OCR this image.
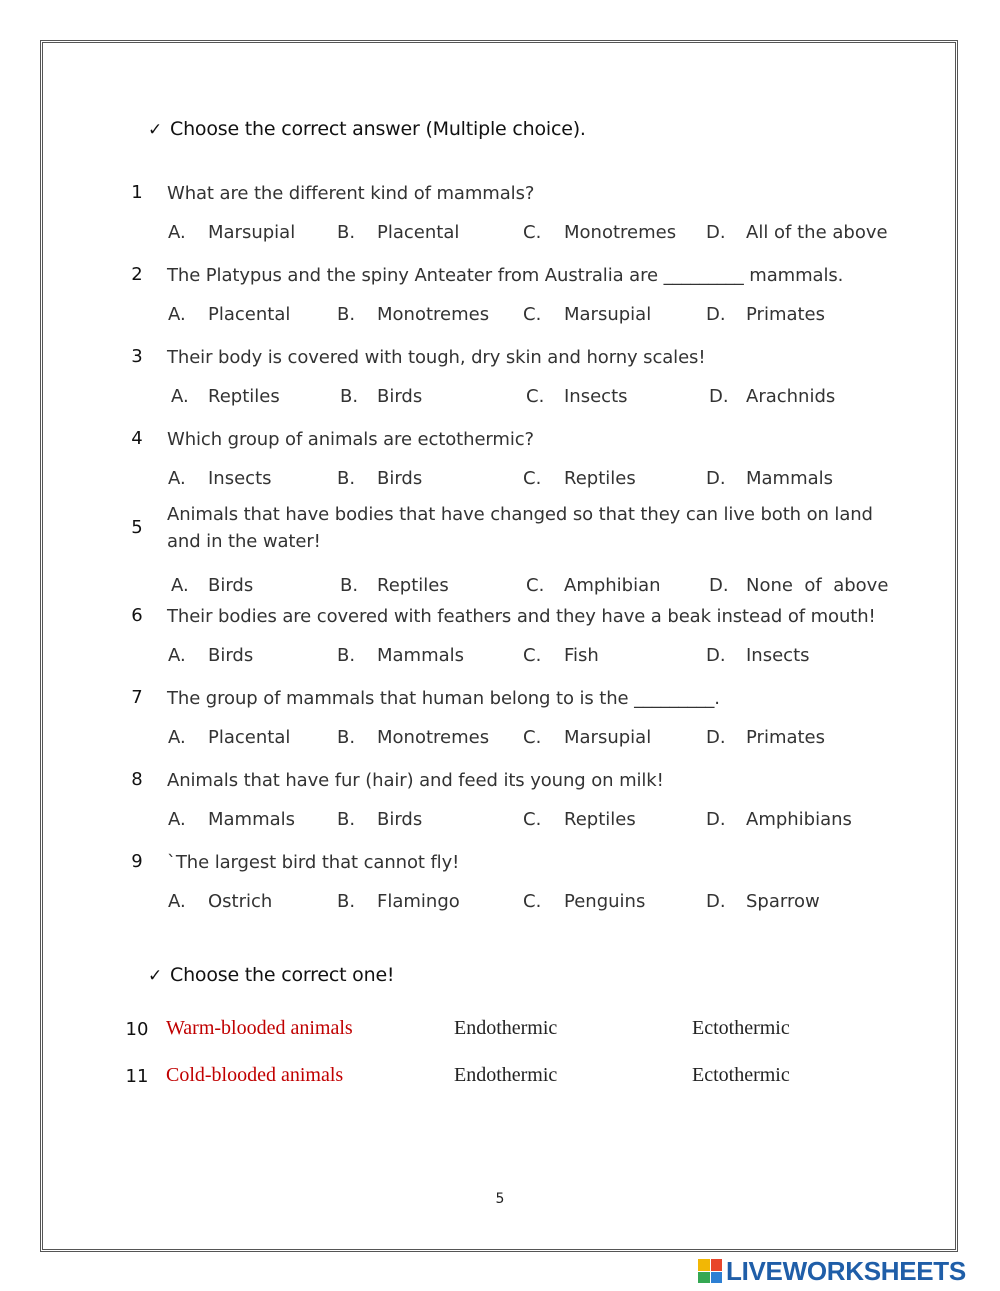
✓ Choose the correct answer (Multiple choice).
1	What are the different kind of mammals?
A. Marsupial B. Placental	C. Monotremes D. All of the above
2	The Platypus and the spiny Anteater from Australia are _________ mammals.
A. Placental	B. Monotremes C. Marsupial	D. Primates
3	Their body is covered with tough, dry skin and horny scales!
A. Reptiles	B. Birds	C. Insects	D. Arachnids
4	Which group of animals are ectothermic?
A. Insects	B. Birds	C. Reptiles	D. Mammals
5
Animals that have bodies that have changed so that they can live both on land and in the water!
A. Birds	B. Reptiles	C. Amphibian	D. None  of  above
6	Their bodies are covered with feathers and they have a beak instead of mouth!
A. Birds	B. Mammals	C. Fish	D. Insects
7	The group of mammals that human belong to is the _________.
A. Placental	B. Monotremes C. Marsupial	D. Primates
8	Animals that have fur (hair) and feed its young on milk!
A. Mammals B. Birds	C. Reptiles	D. Amphibians
9	`The largest bird that cannot fly!
A. Ostrich	B. Flamingo	C. Penguins	D. Sparrow
✓ Choose the correct one!
10 Warm-blooded animals	Endothermic	Ectothermic
11 Cold-blooded animals	Endothermic	Ectothermic
5
LIVEWORKSHEETS
